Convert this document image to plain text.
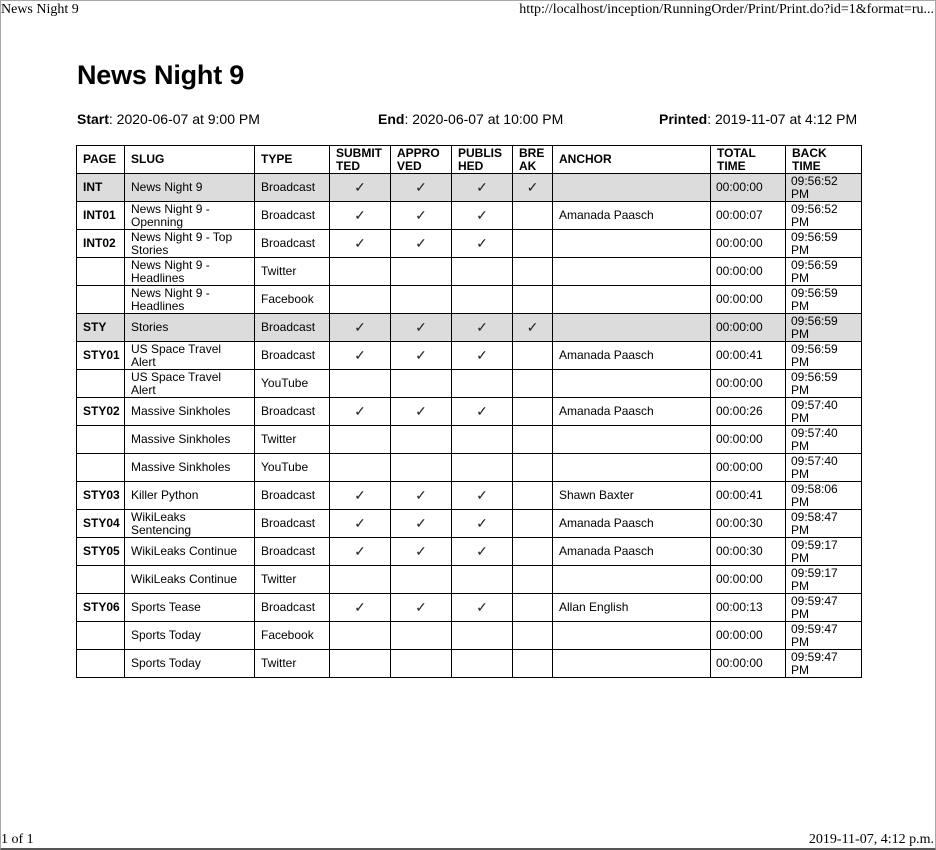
News Night 9	http://localhost/inception/RunningOrder/Print/Print.do?id=1&format=ru...
News Night 9
Start: 2020-06-07 at 9:00 PM	End: 2020-06-07 at 10:00 PM	Printed: 2019-11-07 at 4:12 PM
PAGE	SLUG	TYPE	SUBMIT TED	APPRO VED	PUBLIS HED	BRE AK	ANCHOR	TOTAL TIME	BACK TIME
INT	News Night 9	Broadcast	✓	✓	✓	✓		00:00:00	09:56:52 PM
INT01	News Night 9 - Openning	Broadcast	✓	✓	✓		Amanada Paasch	00:00:07	09:56:52 PM
INT02	News Night 9 - Top Stories	Broadcast	✓	✓	✓			00:00:00	09:56:59 PM
	News Night 9 - Headlines	Twitter						00:00:00	09:56:59 PM
	News Night 9 - Headlines	Facebook						00:00:00	09:56:59 PM
STY	Stories	Broadcast	✓	✓	✓	✓		00:00:00	09:56:59 PM
STY01	US Space Travel Alert	Broadcast	✓	✓	✓		Amanada Paasch	00:00:41	09:56:59 PM
	US Space Travel Alert	YouTube						00:00:00	09:56:59 PM
STY02	Massive Sinkholes	Broadcast	✓	✓	✓		Amanada Paasch	00:00:26	09:57:40 PM
	Massive Sinkholes	Twitter						00:00:00	09:57:40 PM
	Massive Sinkholes	YouTube						00:00:00	09:57:40 PM
STY03	Killer Python	Broadcast	✓	✓	✓		Shawn Baxter	00:00:41	09:58:06 PM
STY04	WikiLeaks Sentencing	Broadcast	✓	✓	✓		Amanada Paasch	00:00:30	09:58:47 PM
STY05	WikiLeaks Continue	Broadcast	✓	✓	✓		Amanada Paasch	00:00:30	09:59:17 PM
	WikiLeaks Continue	Twitter						00:00:00	09:59:17 PM
STY06	Sports Tease	Broadcast	✓	✓	✓		Allan English	00:00:13	09:59:47 PM
	Sports Today	Facebook						00:00:00	09:59:47 PM
	Sports Today	Twitter						00:00:00	09:59:47 PM
1 of 1	2019-11-07, 4:12 p.m.
